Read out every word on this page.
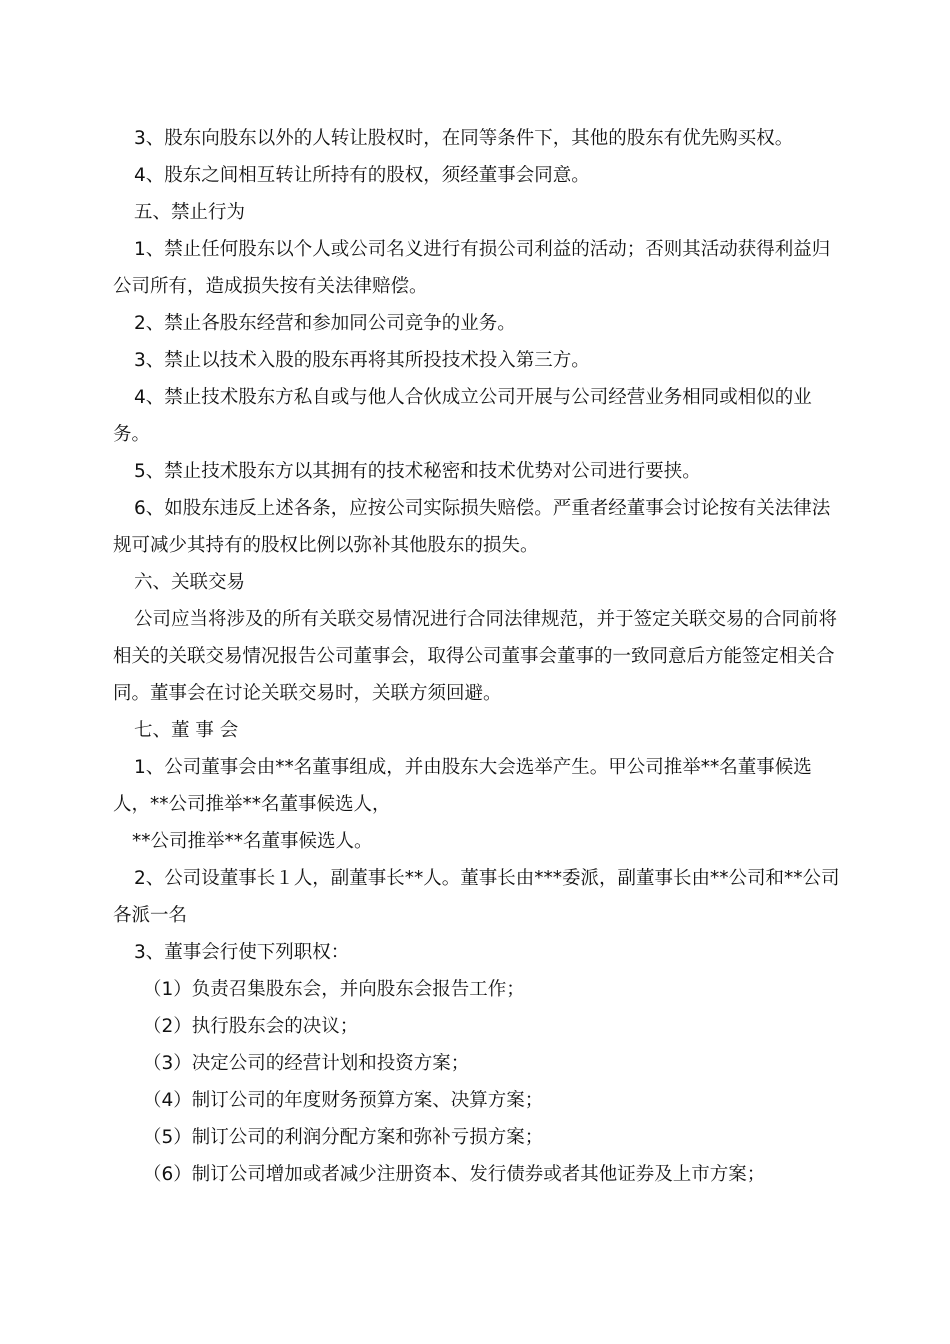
3、股东向股东以外的人转让股权时，在同等条件下，其他的股东有优先购买权。

4、股东之间相互转让所持有的股权，须经董事会同意。

五、禁止行为

1、禁止任何股东以个人或公司名义进行有损公司利益的活动；否则其活动获得利益归公司所有，造成损失按有关法律赔偿。

2、禁止各股东经营和参加同公司竞争的业务。

3、禁止以技术入股的股东再将其所投技术投入第三方。

4、禁止技术股东方私自或与他人合伙成立公司开展与公司经营业务相同或相似的业务。

5、禁止技术股东方以其拥有的技术秘密和技术优势对公司进行要挟。

6、如股东违反上述各条，应按公司实际损失赔偿。严重者经董事会讨论按有关法律法规可减少其持有的股权比例以弥补其他股东的损失。

六、关联交易

公司应当将涉及的所有关联交易情况进行合同法律规范，并于签定关联交易的合同前将相关的关联交易情况报告公司董事会，取得公司董事会董事的一致同意后方能签定相关合同。董事会在讨论关联交易时，关联方须回避。

七、董 事 会

1、公司董事会由**名董事组成，并由股东大会选举产生。甲公司推举**名董事候选人，**公司推举**名董事候选人，

**公司推举**名董事候选人。

2、公司设董事长１人，副董事长**人。董事长由***委派，副董事长由**公司和**公司各派一名

3、董事会行使下列职权：

（1） 负责召集股东会，并向股东会报告工作；
（2） 执行股东会的决议；
（3） 决定公司的经营计划和投资方案；
（4） 制订公司的年度财务预算方案、决算方案；
（5） 制订公司的利润分配方案和弥补亏损方案；
（6） 制订公司增加或者减少注册资本、发行债券或者其他证券及上市方案；
